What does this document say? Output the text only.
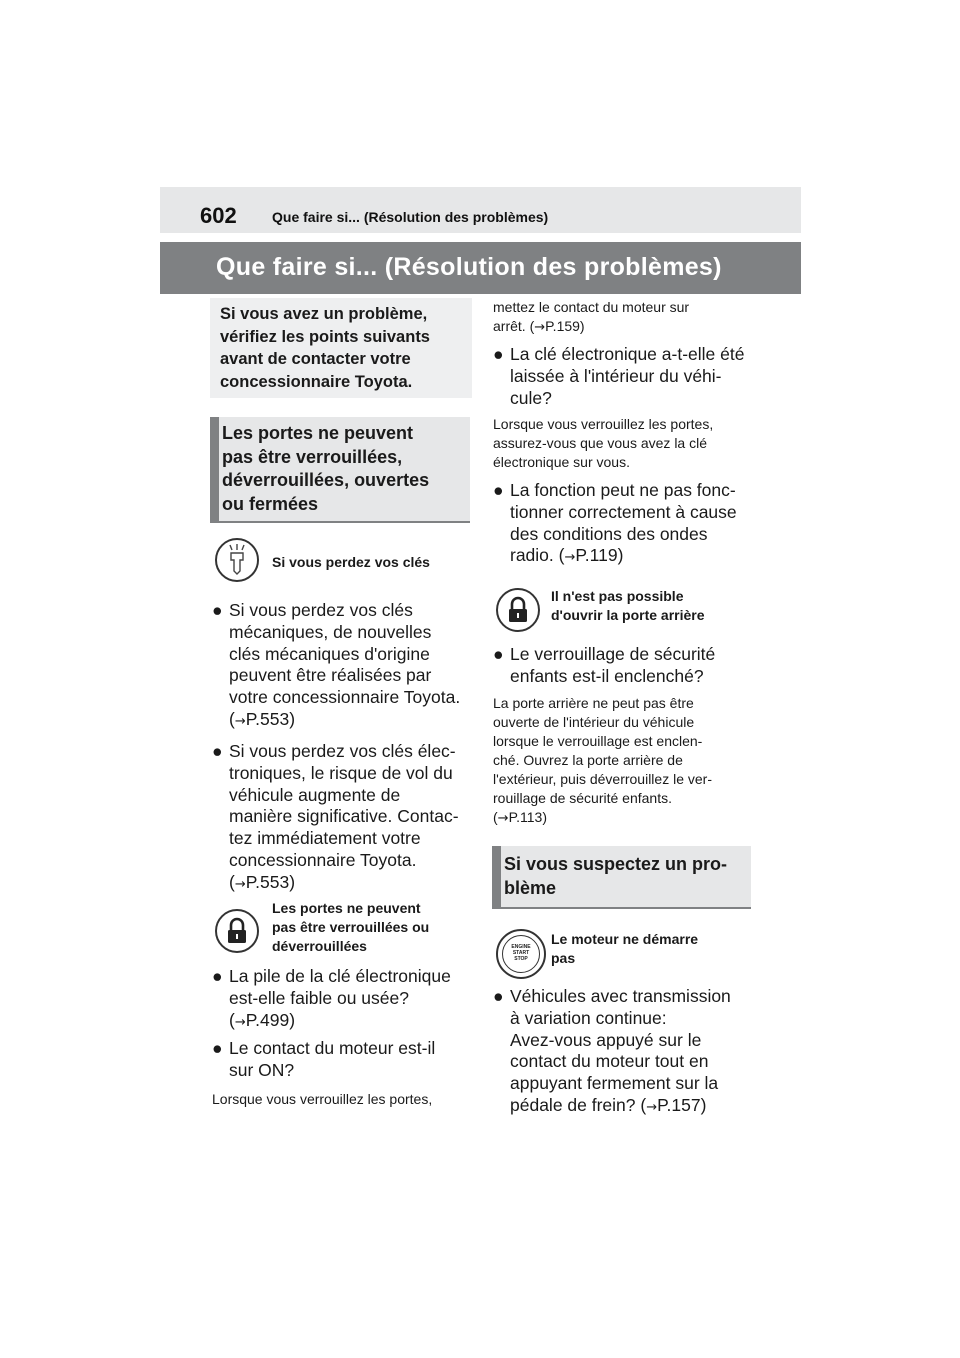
602	Que faire si... (Résolution des problèmes)
Que faire si... (Résolution des problèmes)
Si vous avez un problème, vérifiez les points suivants avant de contacter votre concessionnaire Toyota.
Les portes ne peuvent
pas être verrouillées,
déverrouillées, ouvertes
ou fermées
Si vous perdez vos clés
● Si vous perdez vos clés
mécaniques, de nouvelles
clés mécaniques d'origine
peuvent être réalisées par
votre concessionnaire Toyota.
(→P.553)
● Si vous perdez vos clés élec-
troniques, le risque de vol du
véhicule augmente de
manière significative. Contac-
tez immédiatement votre
concessionnaire Toyota.
(→P.553)
Les portes ne peuvent
pas être verrouillées ou
déverrouillées
● La pile de la clé électronique
est-elle faible ou usée?
(→P.499)
● Le contact du moteur est-il
sur ON?
Lorsque vous verrouillez les portes,
mettez le contact du moteur sur
arrêt. (→P.159)
● La clé électronique a-t-elle été
laissée à l'intérieur du véhi-
cule?
Lorsque vous verrouillez les portes,
assurez-vous que vous avez la clé
électronique sur vous.
● La fonction peut ne pas fonc-
tionner correctement à cause
des conditions des ondes
radio. (→P.119)
Il n'est pas possible
d'ouvrir la porte arrière
● Le verrouillage de sécurité
enfants est-il enclenché?
La porte arrière ne peut pas être
ouverte de l'intérieur du véhicule
lorsque le verrouillage est enclen-
ché. Ouvrez la porte arrière de
l'extérieur, puis déverrouillez le ver-
rouillage de sécurité enfants.
(→P.113)
Si vous suspectez un pro-
blème
ENGINE
START
STOP
Le moteur ne démarre
pas
● Véhicules avec transmission
à variation continue:
Avez-vous appuyé sur le
contact du moteur tout en
appuyant fermement sur la
pédale de frein? (→P.157)
